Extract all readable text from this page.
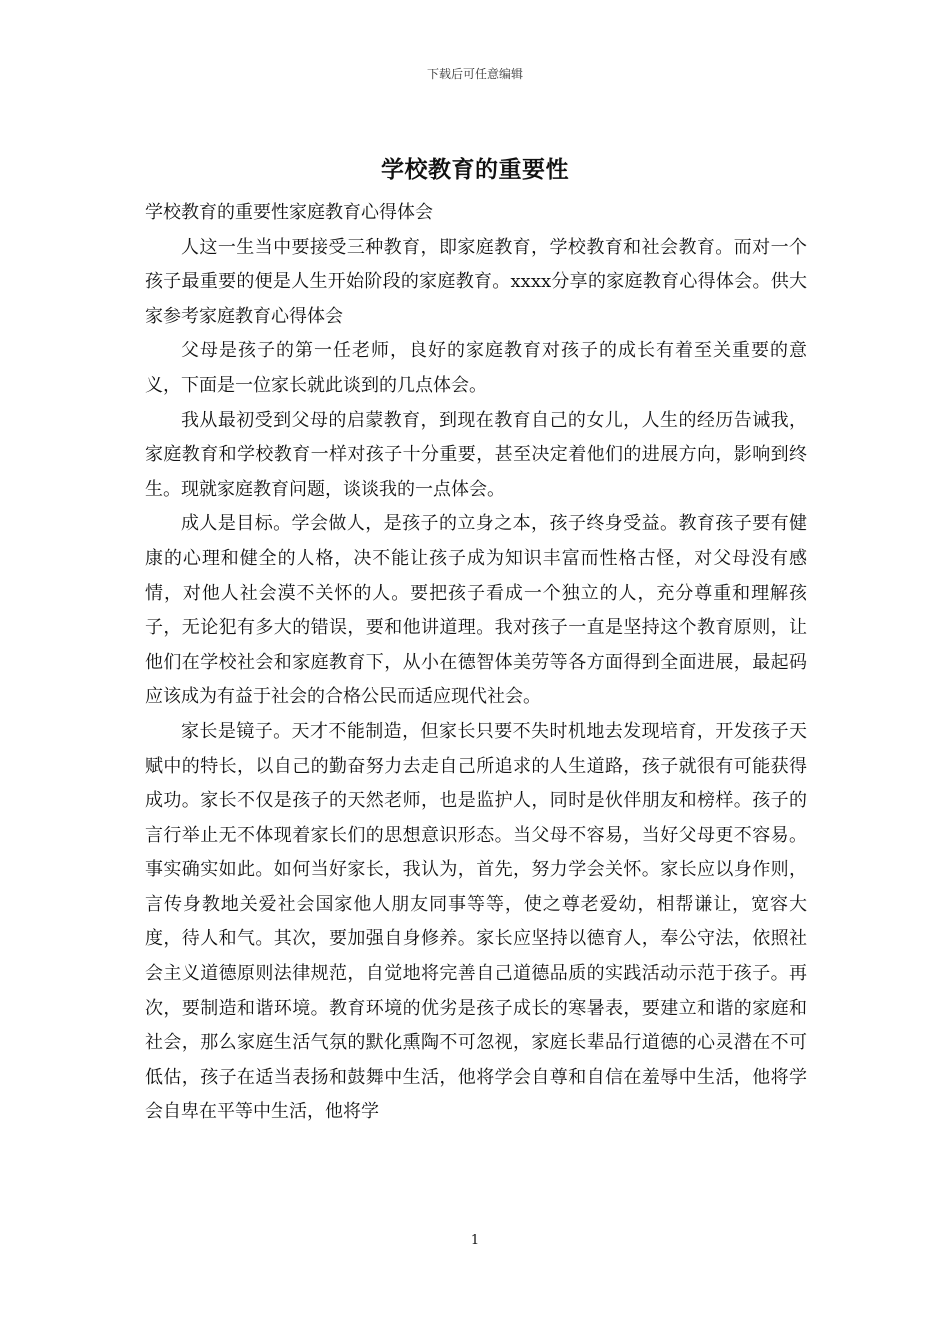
下载后可任意编辑
学校教育的重要性

学校教育的重要性家庭教育心得体会

人这一生当中要接受三种教育，即家庭教育，学校教育和社会教育。而对一个孩子最重要的便是人生开始阶段的家庭教育。xxxx分享的家庭教育心得体会。供大家参考家庭教育心得体会

父母是孩子的第一任老师，良好的家庭教育对孩子的成长有着至关重要的意义，下面是一位家长就此谈到的几点体会。

我从最初受到父母的启蒙教育，到现在教育自己的女儿，人生的经历告诫我，家庭教育和学校教育一样对孩子十分重要，甚至决定着他们的进展方向，影响到终生。现就家庭教育问题，谈谈我的一点体会。

成人是目标。学会做人，是孩子的立身之本，孩子终身受益。教育孩子要有健康的心理和健全的人格，决不能让孩子成为知识丰富而性格古怪，对父母没有感情，对他人社会漠不关怀的人。要把孩子看成一个独立的人，充分尊重和理解孩子，无论犯有多大的错误，要和他讲道理。我对孩子一直是坚持这个教育原则，让他们在学校社会和家庭教育下，从小在德智体美劳等各方面得到全面进展，最起码应该成为有益于社会的合格公民而适应现代社会。

家长是镜子。天才不能制造，但家长只要不失时机地去发现培育，开发孩子天赋中的特长，以自己的勤奋努力去走自己所追求的人生道路，孩子就很有可能获得成功。家长不仅是孩子的天然老师，也是监护人，同时是伙伴朋友和榜样。孩子的言行举止无不体现着家长们的思想意识形态。当父母不容易，当好父母更不容易。事实确实如此。如何当好家长，我认为，首先，努力学会关怀。家长应以身作则，言传身教地关爱社会国家他人朋友同事等等，使之尊老爱幼，相帮谦让，宽容大度，待人和气。其次，要加强自身修养。家长应坚持以德育人，奉公守法，依照社会主义道德原则法律规范，自觉地将完善自己道德品质的实践活动示范于孩子。再次，要制造和谐环境。教育环境的优劣是孩子成长的寒暑表，要建立和谐的家庭和社会，那么家庭生活气氛的默化熏陶不可忽视，家庭长辈品行道德的心灵潜在不可低估，孩子在适当表扬和鼓舞中生活，他将学会自尊和自信在羞辱中生活，他将学会自卑在平等中生活，他将学

1
